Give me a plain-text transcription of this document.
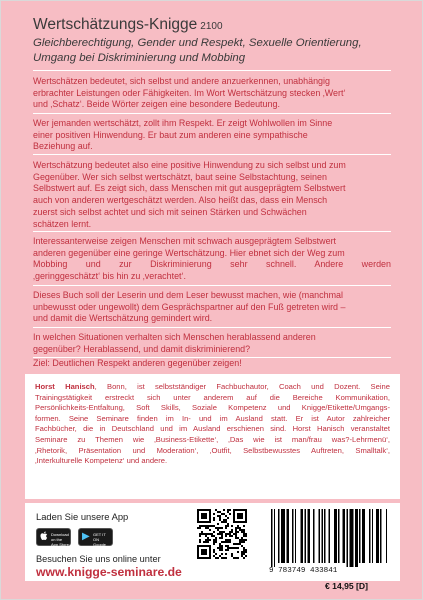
Wertschätzungs-Knigge 2100
Gleichberechtigung, Gender und Respekt, Sexuelle Orientierung,
Umgang bei Diskriminierung und Mobbing
Wertschätzen bedeutet, sich selbst und andere anzuerkennen, unabhängig
erbrachter Leistungen oder Fähigkeiten. Im Wort Wertschätzung stecken ‚Wert‘
und ‚Schatz‘. Beide Wörter zeigen eine besondere Bedeutung.
Wer jemanden wertschätzt, zollt ihm Respekt. Er zeigt Wohlwollen im Sinne
einer positiven Hinwendung. Er baut zum anderen eine sympathische
Beziehung auf.
Wertschätzung bedeutet also eine positive Hinwendung zu sich selbst und zum
Gegenüber. Wer sich selbst wertschätzt, baut seine Selbstachtung, seinen
Selbstwert auf. Es zeigt sich, dass Menschen mit gut ausgeprägtem Selbstwert
auch von anderen wertgeschätzt werden. Also heißt das, dass ein Mensch
zuerst sich selbst achtet und sich mit seinen Stärken und Schwächen
schätzen lernt.
Interessanterweise zeigen Menschen mit schwach ausgeprägtem Selbstwert
anderen gegenüber eine geringe Wertschätzung. Hier ebnet sich der Weg zum
Mobbing und zur Diskriminierung sehr schnell. Andere werden
‚geringgeschätzt‘ bis hin zu ‚verachtet‘.
Dieses Buch soll der Leserin und dem Leser bewusst machen, wie (manchmal
unbewusst oder ungewollt) dem Gesprächspartner auf den Fuß getreten wird –
und damit die Wertschätzung gemindert wird.
In welchen Situationen verhalten sich Menschen herablassend anderen
gegenüber? Herablassend, und damit diskriminierend?
Ziel: Deutlichen Respekt anderen gegenüber zeigen!
Horst Hanisch, Bonn, ist selbstständiger Fachbuchautor, Coach und Dozent. Seine
Trainingstätigkeit erstreckt sich unter anderem auf die Bereiche Kommunikation,
Persönlichkeits-Entfaltung, Soft Skills, Soziale Kompetenz und Knigge/Etikette/Umgangs-
formen. Seine Seminare finden im In- und im Ausland statt. Er ist Autor zahlreicher
Fachbücher, die in Deutschland und im Ausland erschienen sind. Horst Hanisch veranstaltet
Seminare zu Themen wie ‚Business-Etikette‘, ‚Das wie ist man/frau was?-Lehrmenü‘,
‚Rhetorik, Präsentation und Moderation‘, ‚Outfit, Selbstbewusstes Auftreten, Smalltalk‘,
‚Interkulturelle Kompetenz‘ und andere.
Laden Sie unsere App
Download on the
App Store
▶ GET IT ON
Google Play
Besuchen Sie uns online unter
www.knigge-seminare.de	9 783749 433841
€ 14,95 [D]
